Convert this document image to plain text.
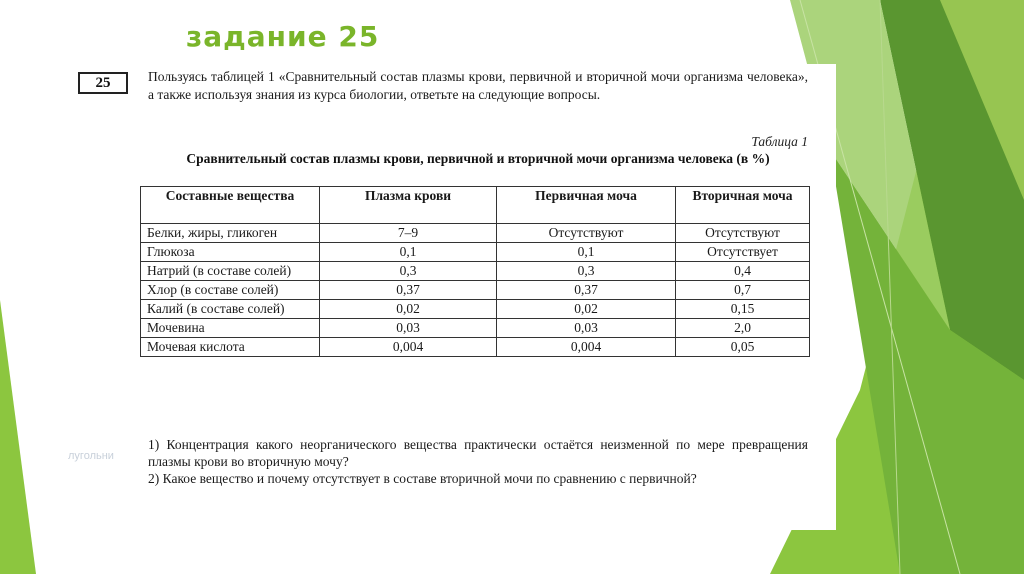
задание 25
25	Пользуясь таблицей 1 «Сравнительный состав плазмы крови, первичной и вторичной мочи организма человека», а также используя знания из курса биологии, ответьте на следующие вопросы.
Таблица 1
Сравнительный состав плазмы крови, первичной и вторичной мочи организма человека (в %)
Составные вещества	Плазма крови	Первичная моча	Вторичная моча
Белки, жиры, гликоген	7–9	Отсутствуют	Отсутствуют
Глюкоза	0,1	0,1	Отсутствует
Натрий (в составе солей)	0,3	0,3	0,4
Хлор (в составе солей)	0,37	0,37	0,7
Калий (в составе солей)	0,02	0,02	0,15
Мочевина	0,03	0,03	2,0
Мочевая кислота	0,004	0,004	0,05
1) Концентрация какого неорганического вещества практически остаётся неизменной по мере превращения плазмы крови во вторичную мочу?
2) Какое вещество и почему отсутствует в составе вторичной мочи по сравнению с первичной?
лугольни
